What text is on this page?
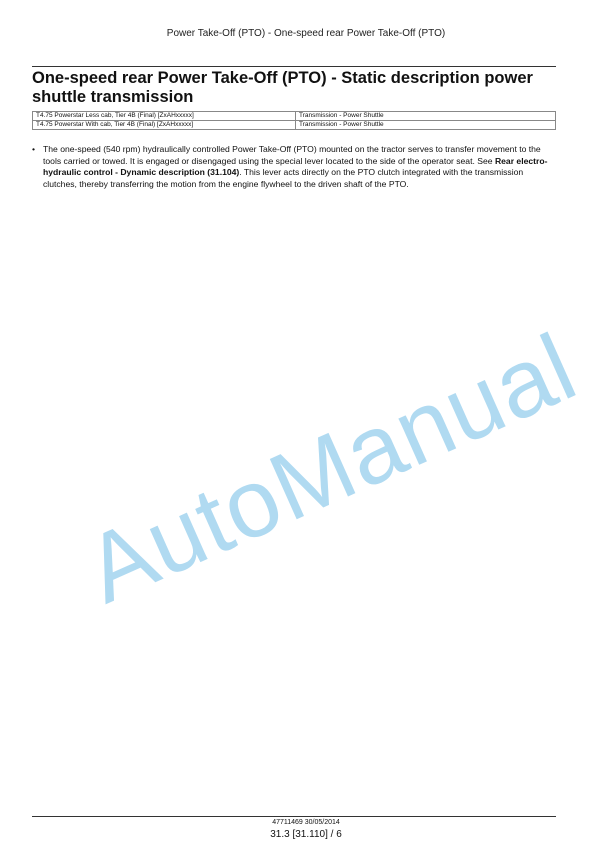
Power Take-Off (PTO) - One-speed rear Power Take-Off (PTO)
One-speed rear Power Take-Off (PTO) - Static description power shuttle transmission
T4.75 Powerstar Less cab, Tier 4B (Final) [ZxAHxxxxx]	Transmission - Power Shuttle
T4.75 Powerstar With cab, Tier 4B (Final) [ZxAHxxxxx]	Transmission - Power Shuttle
• The one-speed (540 rpm) hydraulically controlled Power Take-Off (PTO) mounted on the tractor serves to transfer movement to the tools carried or towed. It is engaged or disengaged using the special lever located to the side of the operator seat. See Rear electro-hydraulic control - Dynamic description (31.104). This lever acts directly on the PTO clutch integrated with the transmission clutches, thereby transferring the motion from the engine flywheel to the driven shaft of the PTO.
AutoManual
47711469 30/05/2014
31.3 [31.110] / 6
